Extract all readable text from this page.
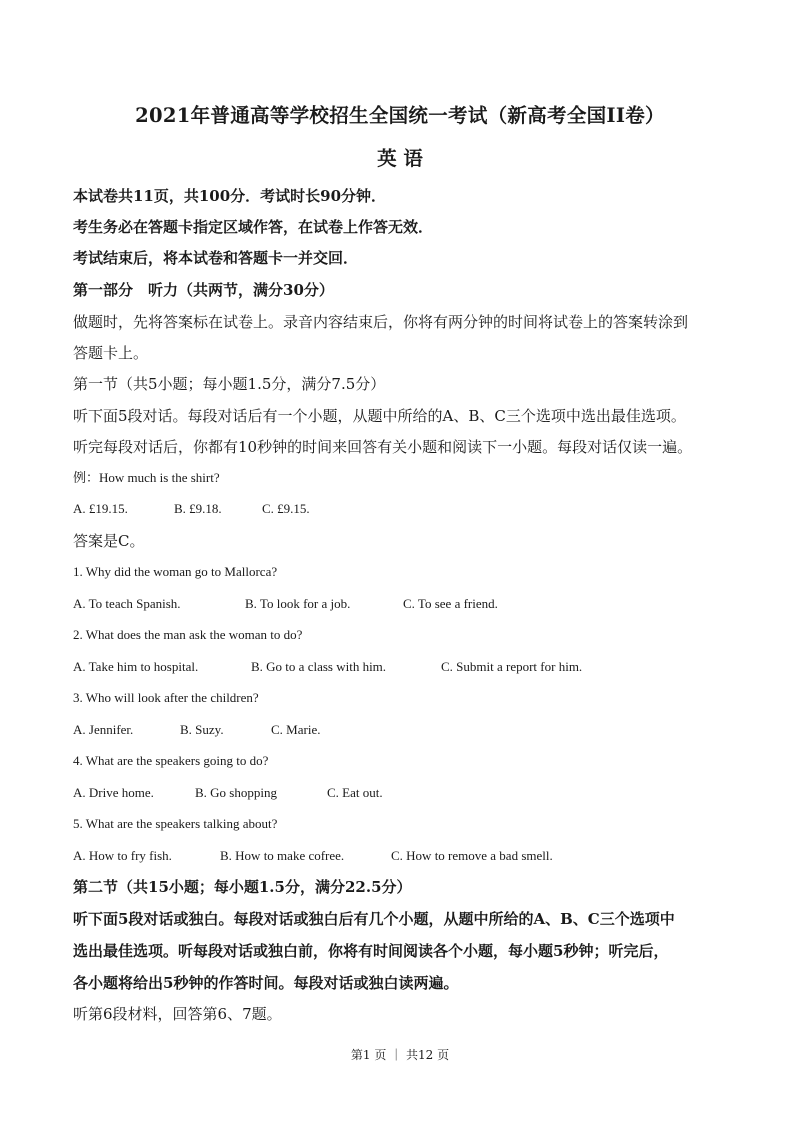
2021年普通高等学校招生全国统一考试（新高考全国II卷）
英 语
本试卷共11页，共100分．考试时长90分钟．
考生务必在答题卡指定区域作答，在试卷上作答无效．
考试结束后，将本试卷和答题卡一并交回．
第一部分　听力（共两节，满分30分）
做题时，先将答案标在试卷上。录音内容结束后，你将有两分钟的时间将试卷上的答案转涂到
答题卡上。
第一节（共5小题；每小题1.5分，满分7.5分）
听下面5段对话。每段对话后有一个小题，从题中所给的A、B、C三个选项中选出最佳选项。
听完每段对话后，你都有10秒钟的时间来回答有关小题和阅读下一小题。每段对话仅读一遍。
例：How much is the shirt?
A. £19.15.	B. £9.18.	C. £9.15.
答案是C。
1. Why did the woman go to Mallorca?
A. To teach Spanish.	B. To look for a job.	C. To see a friend.
2. What does the man ask the woman to do?
A. Take him to hospital.	B. Go to a class with him.	C. Submit a report for him.
3. Who will look after the children?
A. Jennifer.	B. Suzy.	C. Marie.
4. What are the speakers going to do?
A. Drive home.	B. Go shopping	C. Eat out.
5. What are the speakers talking about?
A. How to fry fish.	B. How to make cofree.	C. How to remove a bad smell.
第二节（共15小题；每小题1.5分，满分22.5分）
听下面5段对话或独白。每段对话或独白后有几个小题，从题中所给的A、B、C三个选项中
选出最佳选项。听每段对话或独白前，你将有时间阅读各个小题，每小题5秒钟；听完后，
各小题将给出5秒钟的作答时间。每段对话或独白读两遍。
听第6段材料，回答第6、7题。
第1 页 ｜ 共12 页
